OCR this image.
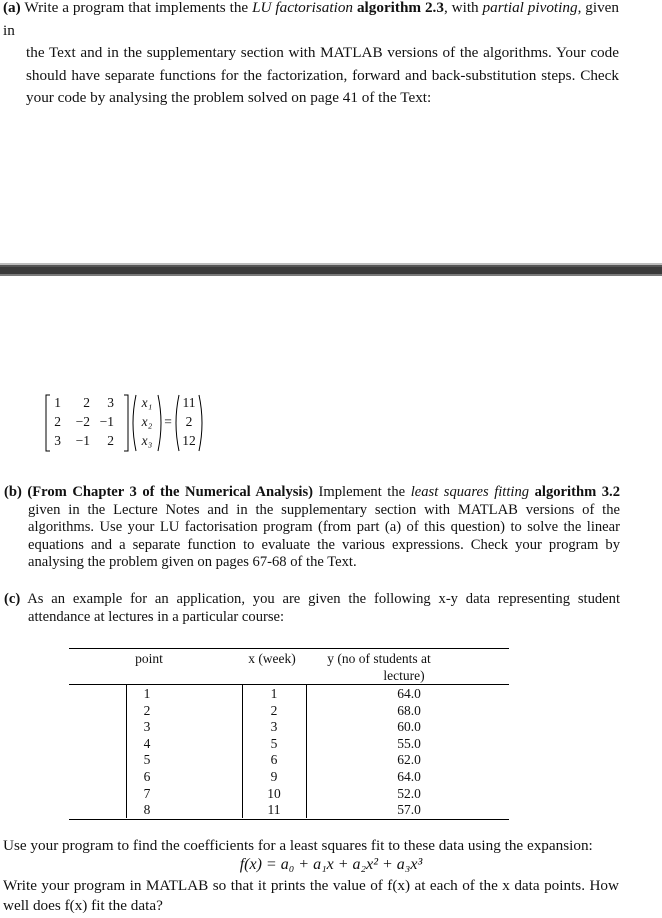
(a) Write a program that implements the LU factorisation algorithm 2.3, with partial pivoting, given in
the Text and in the supplementary section with MATLAB versions of the algorithms. Your code
should have separate functions for the factorization, forward and back-substitution steps. Check
your code by analysing the problem solved on page 41 of the Text:
1	2	3
2	−2 −1
3	−1	2
x₁
x₂
x₃
=
11
2
12
(b) (From Chapter 3 of the Numerical Analysis) Implement the least squares fitting algorithm 3.2
given in the Lecture Notes and in the supplementary section with MATLAB versions of the
algorithms. Use your LU factorisation program (from part (a) of this question) to solve the linear
equations and a separate function to evaluate the various expressions. Check your program by
analysing the problem given on pages 67-68 of the Text.
(c) As an example for an application, you are given the following x-y data representing student
attendance at lectures in a particular course:
point	x (week)	y (no of students at
lecture)
1	1	64.0
2	2	68.0
3	3	60.0
4	5	55.0
5	6	62.0
6	9	64.0
7	10	52.0
8	11	57.0
Use your program to find the coefficients for a least squares fit to these data using the expansion:
f(x) = a₀ + a₁x + a₂x² + a₃x³
Write your program in MATLAB so that it prints the value of f(x) at each of the x data points. How
well does f(x) fit the data?
